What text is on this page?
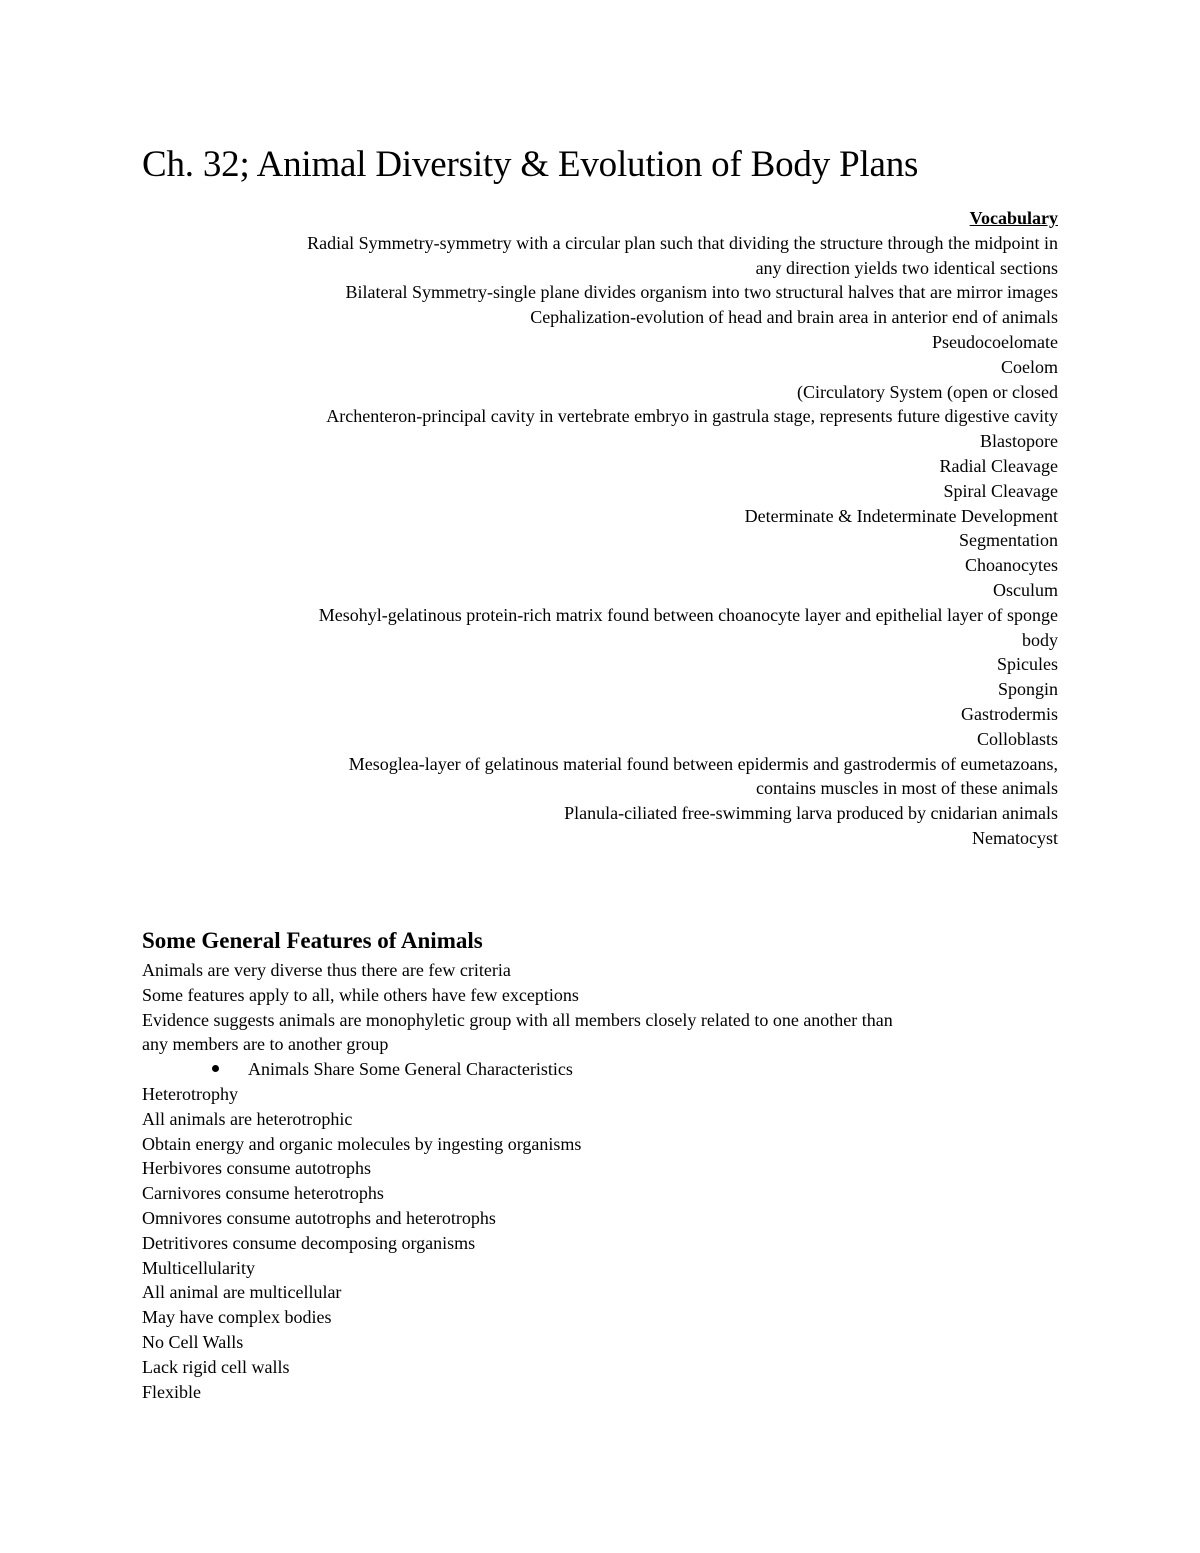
Ch. 32; Animal Diversity & Evolution of Body Plans
Vocabulary
Radial Symmetry-symmetry with a circular plan such that dividing the structure through the midpoint in
any direction yields two identical sections
Bilateral Symmetry-single plane divides organism into two structural halves that are mirror images
Cephalization-evolution of head and brain area in anterior end of animals
Pseudocoelomate
Coelom
(Circulatory System (open or closed
Archenteron-principal cavity in vertebrate embryo in gastrula stage, represents future digestive cavity
Blastopore
Radial Cleavage
Spiral Cleavage
Determinate & Indeterminate Development
Segmentation
Choanocytes
Osculum
Mesohyl-gelatinous protein-rich matrix found between choanocyte layer and epithelial layer of sponge
body
Spicules
Spongin
Gastrodermis
Colloblasts
Mesoglea-layer of gelatinous material found between epidermis and gastrodermis of eumetazoans,
contains muscles in most of these animals
Planula-ciliated free-swimming larva produced by cnidarian animals
Nematocyst
Some General Features of Animals
Animals are very diverse thus there are few criteria
Some features apply to all, while others have few exceptions
Evidence suggests animals are monophyletic group with all members closely related to one another than
any members are to another group
Animals Share Some General Characteristics
Heterotrophy
All animals are heterotrophic
Obtain energy and organic molecules by ingesting organisms
Herbivores consume autotrophs
Carnivores consume heterotrophs
Omnivores consume autotrophs and heterotrophs
Detritivores consume decomposing organisms
Multicellularity
All animal are multicellular
May have complex bodies
No Cell Walls
Lack rigid cell walls
Flexible
